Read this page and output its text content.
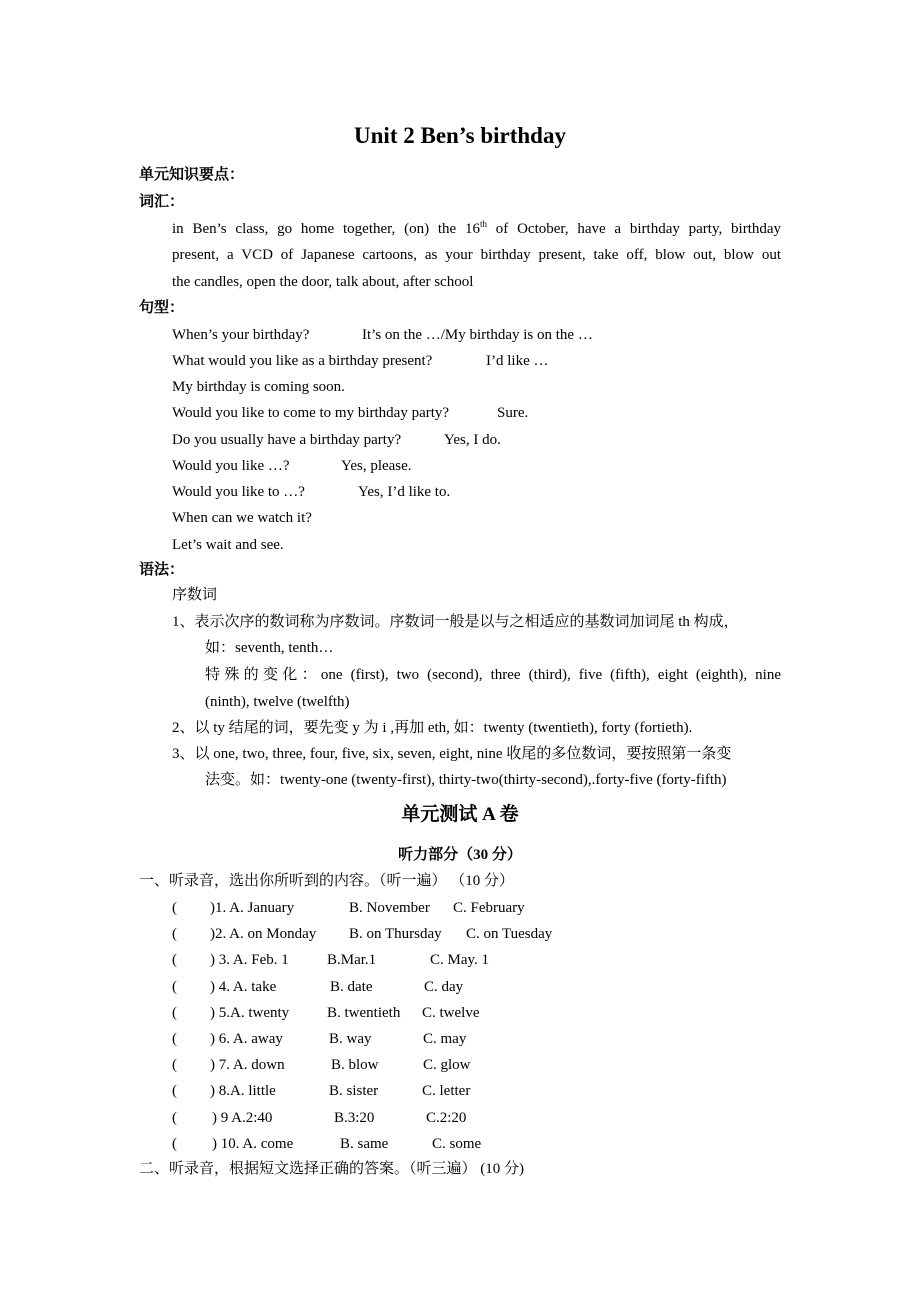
Unit 2 Ben’s birthday
单元知识要点：
词汇：
in Ben’s class, go home together, (on) the 16th of October, have a birthday party, birthday
present, a VCD of Japanese cartoons, as your birthday present, take off, blow out, blow out
the candles, open the door, talk about, after school
句型：
When’s your birthday?	It’s on the …/My birthday is on the …
What would you like as a birthday present?	I’d like …
My birthday is coming soon.
Would you like to come to my birthday party?	Sure.
Do you usually have a birthday party?	Yes, I do.
Would you like …?	Yes, please.
Would you like to …?	Yes, I’d like to.
When can we watch it?
Let’s wait and see.
语法：
序数词
1、表示次序的数词称为序数词。序数词一般是以与之相适应的基数词加词尾 th 构成，
如：seventh, tenth…
特殊的变化：one (first), two (second), three (third), five (fifth), eight (eighth), nine
(ninth), twelve (twelfth)
2、以 ty 结尾的词，要先变 y 为 i ,再加 eth, 如：twenty (twentieth), forty (fortieth).
3、以 one, two, three, four, five, six, seven, eight, nine 收尾的多位数词，要按照第一条变
法变。如：twenty-one (twenty-first), thirty-two(thirty-second),.forty-five (forty-fifth)
单元测试 A 卷
听力部分（30 分）
一、听录音，选出你所听到的内容。（听一遍） （10 分）
( )1. A. January	B. November C. February
( )2. A. on Monday B. on Thursday C. on Tuesday
( ) 3. A. Feb. 1	B.Mar.1	C. May. 1
( ) 4. A. take	B. date	C. day
( ) 5.A. twenty	B. twentieth C. twelve
( ) 6. A. away	B. way	C. may
( ) 7. A. down	B. blow	C. glow
( ) 8.A. little	B. sister	C. letter
( ) 9 A.2:40	B.3:20	C.2:20
( ) 10. A. come	B. same	C. some
二、听录音，根据短文选择正确的答案。（听三遍） (10 分)
